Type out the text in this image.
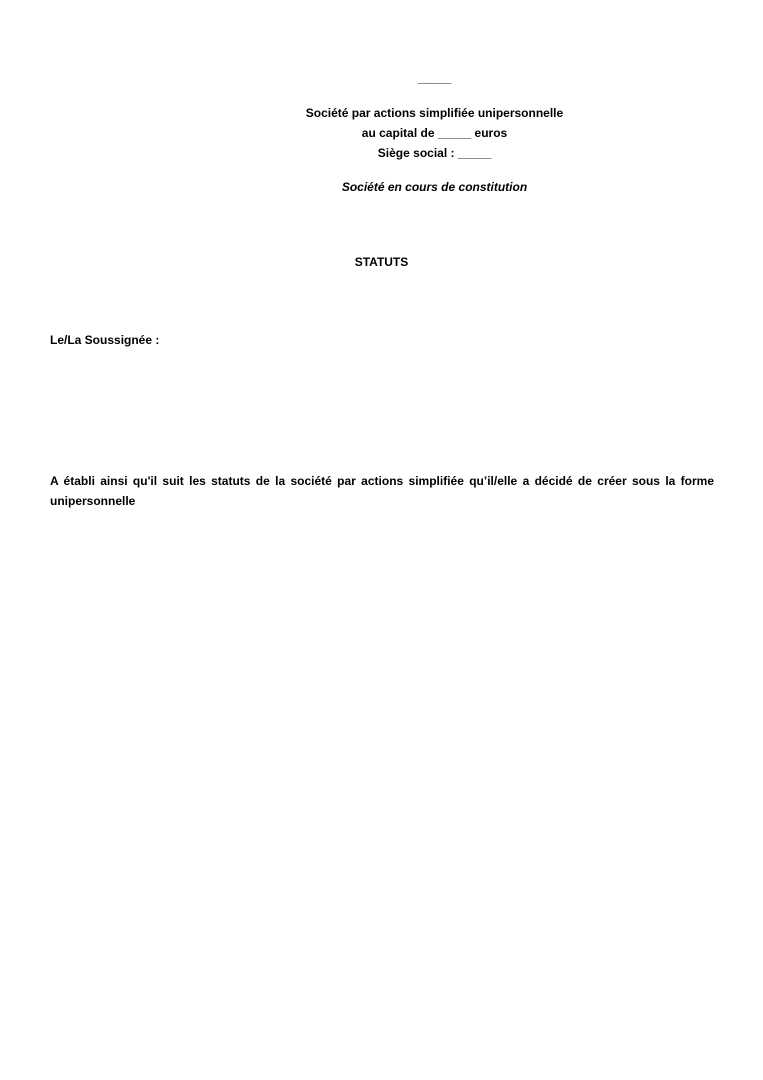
_____
Société par actions simplifiée unipersonnelle
au capital de _____ euros
Siège social : _____
Société en cours de constitution
STATUTS
Le/La Soussignée :
A établi ainsi qu'il suit les statuts de la société par actions simplifiée qu’il/elle a décidé de créer sous la forme unipersonnelle
